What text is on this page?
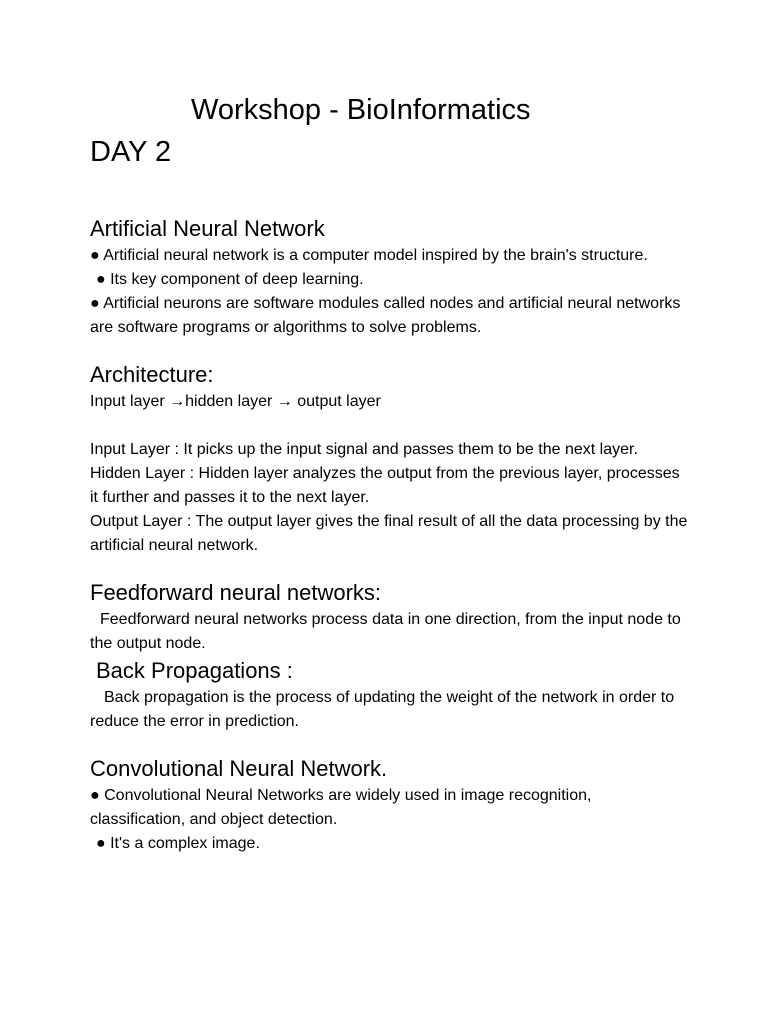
Workshop - BioInformatics
DAY 2
Artificial Neural Network

● Artificial neural network is a computer model inspired by the brain's structure.

● Its key component of deep learning.

● Artificial neurons are software modules called nodes and artificial neural networks are software programs or algorithms to solve problems.

Architecture:

Input layer →hidden layer → output layer

Input Layer : It picks up the input signal and passes them to be the next layer.

Hidden Layer : Hidden layer analyzes the output from the previous layer, processes it further and passes it to the next layer.

Output Layer : The output layer gives the final result of all the data processing by the artificial neural network.

Feedforward neural networks:

Feedforward neural networks process data in one direction, from the input node to the output node.

Back Propagations :

Back propagation is the process of updating the weight of the network in order to reduce the error in prediction.

Convolutional Neural Network.

● Convolutional Neural Networks are widely used in image recognition, classification, and object detection.

● It's a complex image.
